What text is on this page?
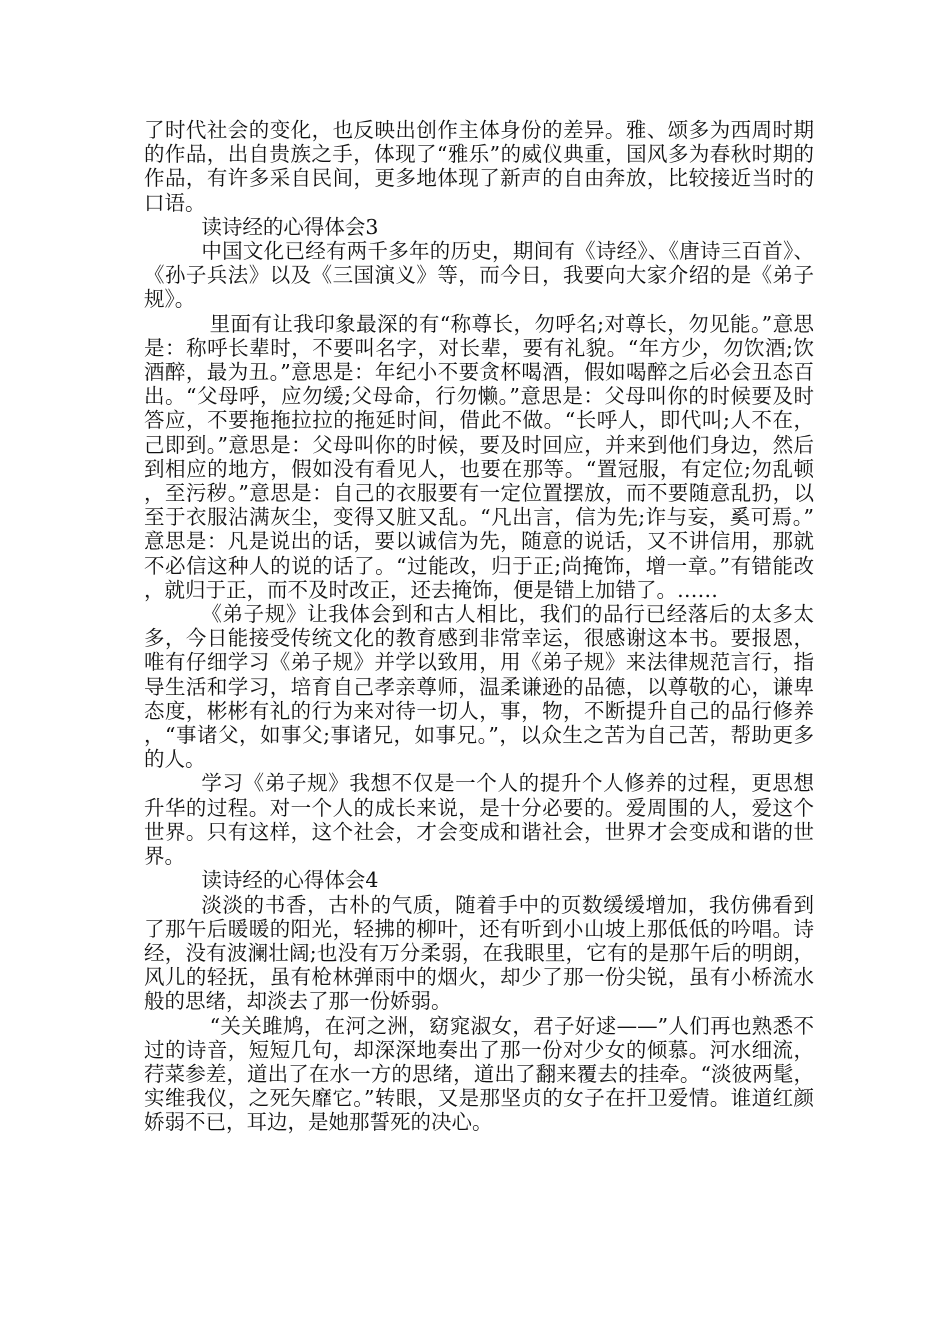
了时代社会的变化，也反映出创作主体身份的差异。雅、颂多为西周时期的作品，出自贵族之手，体现了“雅乐”的威仪典重，国风多为春秋时期的作品，有许多采自民间，更多地体现了新声的自由奔放，比较接近当时的口语。

读诗经的心得体会3

中国文化已经有两千多年的历史，期间有《诗经》、《唐诗三百首》、《孙子兵法》以及《三国演义》等，而今日，我要向大家介绍的是《弟子规》。

里面有让我印象最深的有“称尊长，勿呼名;对尊长，勿见能。”意思是：称呼长辈时，不要叫名字，对长辈，要有礼貌。“年方少，勿饮酒;饮酒醉，最为丑。”意思是：年纪小不要贪杯喝酒，假如喝醉之后必会丑态百出。“父母呼，应勿缓;父母命，行勿懒。”意思是：父母叫你的时候要及时答应，不要拖拖拉拉的拖延时间，借此不做。“长呼人，即代叫;人不在，己即到。”意思是：父母叫你的时候，要及时回应，并来到他们身边，然后到相应的地方，假如没有看见人，也要在那等。“置冠服，有定位;勿乱顿，至污秽。”意思是：自己的衣服要有一定位置摆放，而不要随意乱扔，以至于衣服沾满灰尘，变得又脏又乱。“凡出言，信为先;诈与妄，奚可焉。”意思是：凡是说出的话，要以诚信为先，随意的说话，又不讲信用，那就不必信这种人的说的话了。“过能改，归于正;尚掩饰，增一章。”有错能改，就归于正，而不及时改正，还去掩饰，便是错上加错了。……

《弟子规》让我体会到和古人相比，我们的品行已经落后的太多太多，今日能接受传统文化的教育感到非常幸运，很感谢这本书。要报恩，唯有仔细学习《弟子规》并学以致用，用《弟子规》来法律规范言行，指导生活和学习，培育自己孝亲尊师，温柔谦逊的品德，以尊敬的心，谦卑态度，彬彬有礼的行为来对待一切人，事，物，不断提升自己的品行修养，“事诸父，如事父;事诸兄，如事兄。”，以众生之苦为自己苦，帮助更多的人。

学习《弟子规》我想不仅是一个人的提升个人修养的过程，更思想升华的过程。对一个人的成长来说，是十分必要的。爱周围的人，爱这个世界。只有这样，这个社会，才会变成和谐社会，世界才会变成和谐的世界。

读诗经的心得体会4

淡淡的书香，古朴的气质，随着手中的页数缓缓增加，我仿佛看到了那午后暖暖的阳光，轻拂的柳叶，还有听到小山坡上那低低的吟唱。诗经，没有波澜壮阔;也没有万分柔弱，在我眼里，它有的是那午后的明朗，风儿的轻抚，虽有枪林弹雨中的烟火，却少了那一份尖锐，虽有小桥流水般的思绪，却淡去了那一份娇弱。

“关关雎鸠，在河之洲，窈窕淑女，君子好逑——”人们再也熟悉不过的诗音，短短几句，却深深地奏出了那一份对少女的倾慕。河水细流，荇菜参差，道出了在水一方的思绪，道出了翻来覆去的挂牵。“淡彼两髦，实维我仪，之死矢靡它。”转眼，又是那坚贞的女子在扞卫爱情。谁道红颜娇弱不已，耳边，是她那誓死的决心。
